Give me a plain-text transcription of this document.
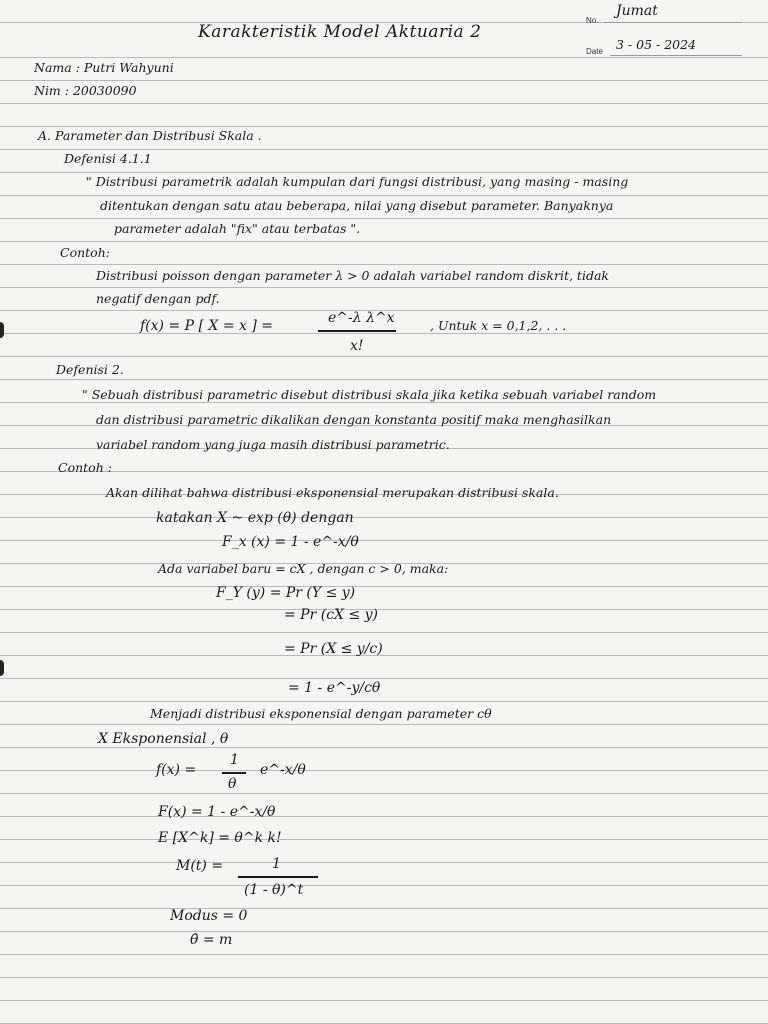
Karakteristik Model Aktuaria 2
No.
Jumat
Date 3 - 05 - 2024
Nama : Putri Wahyuni
Nim : 20030090
A. Parameter dan Distribusi Skala .
Defenisi 4.1.1
" Distribusi parametrik adalah kumpulan dari fungsi distribusi, yang masing - masing
ditentukan dengan satu atau beberapa, nilai yang disebut parameter. Banyaknya
parameter adalah "fix" atau terbatas ".
Contoh:
Distribusi poisson dengan parameter λ > 0 adalah variabel random diskrit, tidak
negatif dengan pdf.
f(x) = P [ X = x ] =	e^-λ λ^x
x!
, Untuk x = 0,1,2, . . .
Defenisi 2.
" Sebuah distribusi parametric disebut distribusi skala jika ketika sebuah variabel random
dan distribusi parametric dikalikan dengan konstanta positif maka menghasilkan
variabel random yang juga masih distribusi parametric.
Contoh :
Akan dilihat bahwa distribusi eksponensial merupakan distribusi skala.
katakan X ~ exp (θ) dengan
F_x (x) = 1 - e^-x/θ
Ada variabel baru = cX , dengan c > 0, maka:
F_Y (y) = Pr (Y ≤ y)
= Pr (cX ≤ y)
= Pr (X ≤ y/c)
= 1 - e^-y/cθ
Menjadi distribusi eksponensial dengan parameter cθ
X Eksponensial , θ
f(x) =
1
θ
e^-x/θ
F(x) = 1 - e^-x/θ
E [X^k] = θ^k k!
M(t) =	1
(1 - θ)^t
Modus = 0
θ̂ = m
